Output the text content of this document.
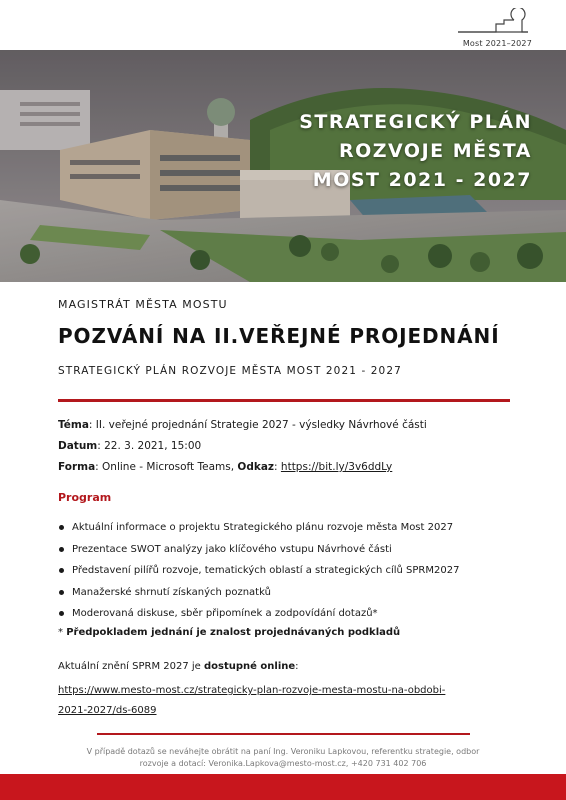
Most 2021–2027
STRATEGICKÝ PLÁN
ROZVOJE MĚSTA
MOST 2021 - 2027
MAGISTRÁT MĚSTA MOSTU
POZVÁNÍ NA II.VEŘEJNÉ PROJEDNÁNÍ
STRATEGICKÝ PLÁN ROZVOJE MĚSTA MOST 2021 - 2027
Téma: II. veřejné projednání Strategie 2027 - výsledky Návrhové části
Datum: 22. 3. 2021, 15:00
Forma: Online - Microsoft Teams, Odkaz: https://bit.ly/3v6ddLy
Program
Aktuální informace o projektu Strategického plánu rozvoje města Most 2027
Prezentace SWOT analýzy jako klíčového vstupu Návrhové části
Představení pilířů rozvoje, tematických oblastí a strategických cílů SPRM2027
Manažerské shrnutí získaných poznatků
Moderovaná diskuse, sběr připomínek a zodpovídání dotazů*
* Předpokladem jednání je znalost projednávaných podkladů
Aktuální znění SPRM 2027 je dostupné online:
https://www.mesto-most.cz/strategicky-plan-rozvoje-mesta-mostu-na-obdobi-
2021-2027/ds-6089
V případě dotazů se neváhejte obrátit na paní Ing. Veroniku Lapkovou, referentku strategie, odbor
rozvoje a dotací: Veronika.Lapkova@mesto-most.cz, +420 731 402 706
